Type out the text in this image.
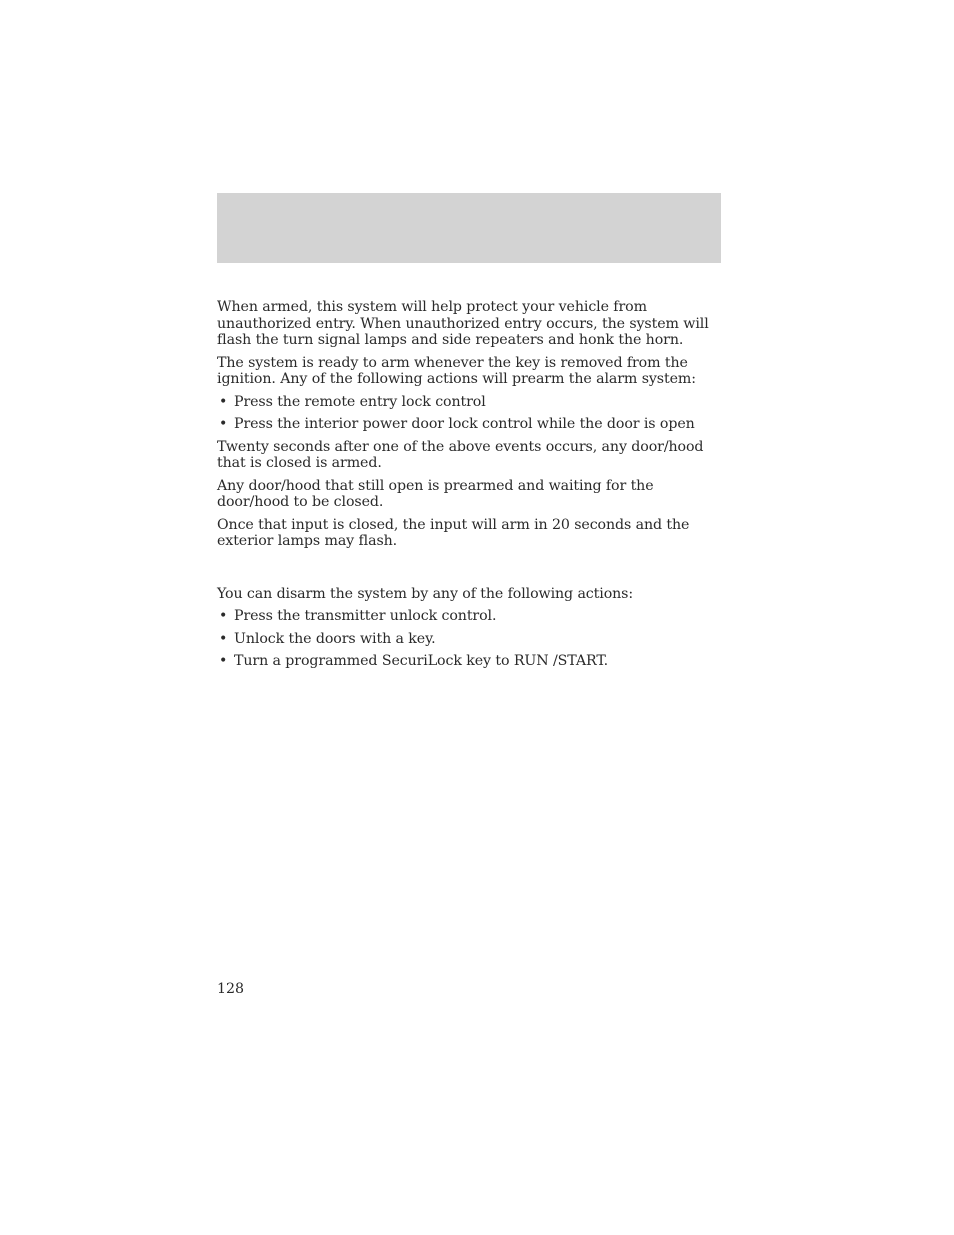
When armed, this system will help protect your vehicle from unauthorized entry. When unauthorized entry occurs, the system will flash the turn signal lamps and side repeaters and honk the horn.

The system is ready to arm whenever the key is removed from the ignition. Any of the following actions will prearm the alarm system:

• Press the remote entry lock control
• Press the interior power door lock control while the door is open

Twenty seconds after one of the above events occurs, any door/hood that is closed is armed.

Any door/hood that still open is prearmed and waiting for the door/hood to be closed.

Once that input is closed, the input will arm in 20 seconds and the exterior lamps may flash.

You can disarm the system by any of the following actions:

• Press the transmitter unlock control.
• Unlock the doors with a key.
• Turn a programmed SecuriLock key to RUN /START.
128
